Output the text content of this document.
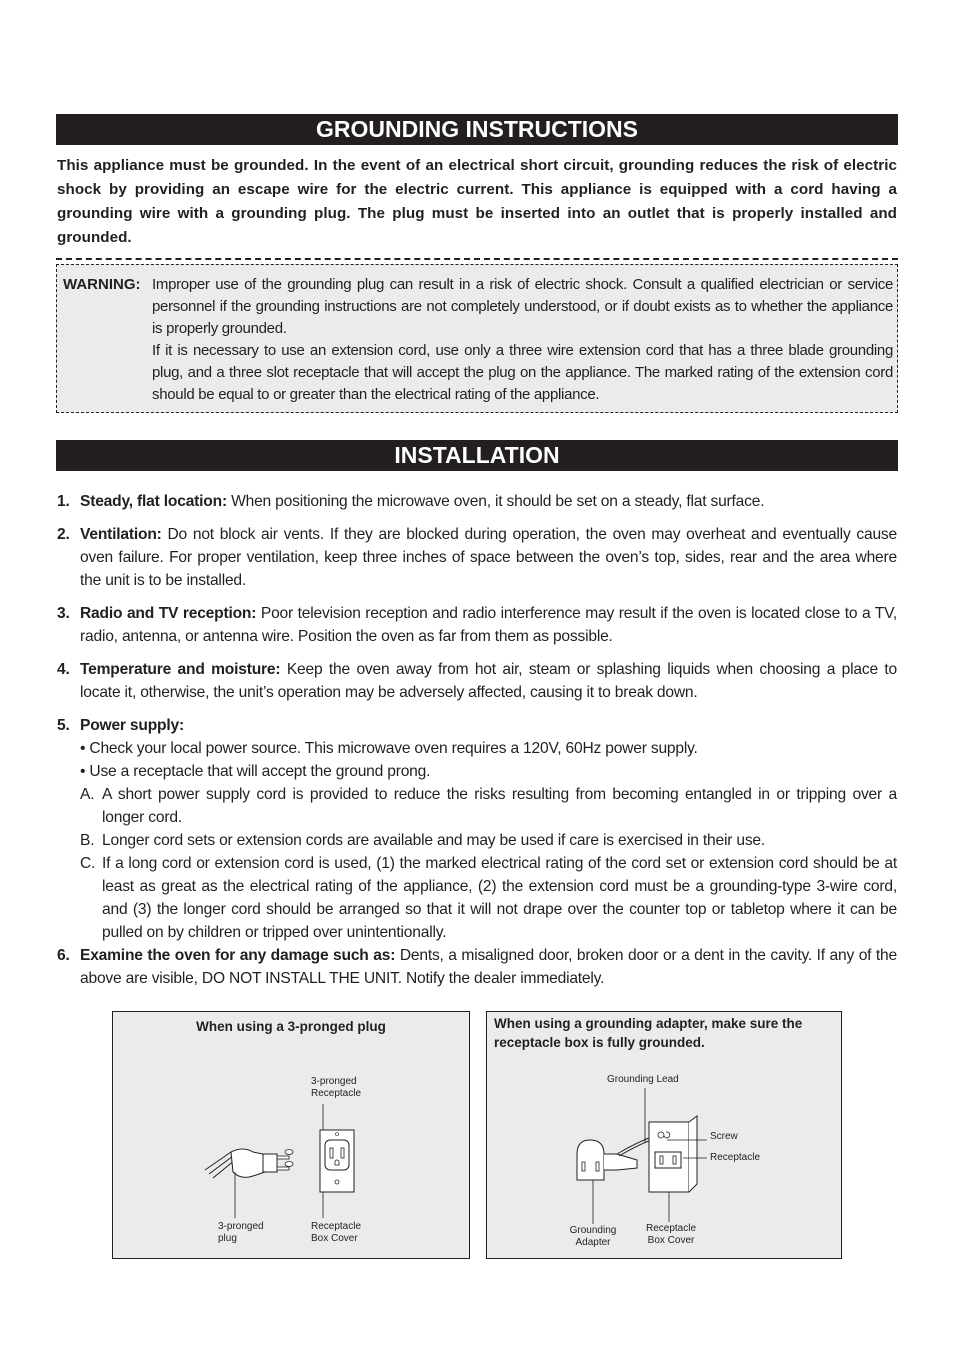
GROUNDING INSTRUCTIONS
This appliance must be grounded. In the event of an electrical short circuit, grounding reduces the risk of electric shock by providing an escape wire for the electric current. This appliance is equipped with a cord having a grounding wire with a grounding plug. The plug must be inserted into an outlet that is properly installed and grounded.
WARNING: Improper use of the grounding plug can result in a risk of electric shock. Consult a qualified electrician or service personnel if the grounding instructions are not completely understood, or if doubt exists as to whether the appliance is properly grounded.
If it is necessary to use an extension cord, use only a three wire extension cord that has a three blade grounding plug, and a three slot receptacle that will accept the plug on the appliance. The marked rating of the extension cord should be equal to or greater than the electrical rating of the appliance.
INSTALLATION
1. Steady, flat location: When positioning the microwave oven, it should be set on a steady, flat surface.
2. Ventilation: Do not block air vents. If they are blocked during operation, the oven may overheat and eventually cause oven failure. For proper ventilation, keep three inches of space between the oven’s top, sides, rear and the area where the unit is to be installed.
3. Radio and TV reception: Poor television reception and radio interference may result if the oven is located close to a TV, radio, antenna, or antenna wire. Position the oven as far from them as possible.
4. Temperature and moisture: Keep the oven away from hot air, steam or splashing liquids when choosing a place to locate it, otherwise, the unit’s operation may be adversely affected, causing it to break down.
5. Power supply:
• Check your local power source. This microwave oven requires a 120V, 60Hz power supply.
• Use a receptacle that will accept the ground prong.
A. A short power supply cord is provided to reduce the risks resulting from becoming entangled in or tripping over a longer cord.
B. Longer cord sets or extension cords are available and may be used if care is exercised in their use.
C. If a long cord or extension cord is used, (1) the marked electrical rating of the cord set or extension cord should be at least as great as the electrical rating of the appliance, (2) the extension cord must be a grounding-type 3-wire cord, and (3) the longer cord should be arranged so that it will not drape over the counter top or tabletop where it can be pulled on by children or tripped over unintentionally.
6. Examine the oven for any damage such as: Dents, a misaligned door, broken door or a dent in the cavity. If any of the above are visible, DO NOT INSTALL THE UNIT. Notify the dealer immediately.
When using a 3-pronged plug
3-pronged
Receptacle
3-pronged
plug
Receptacle
Box Cover
When using a grounding adapter, make sure the receptacle box is fully grounded.
Grounding Lead
Screw
Receptacle
Grounding
Adapter
Receptacle
Box Cover
